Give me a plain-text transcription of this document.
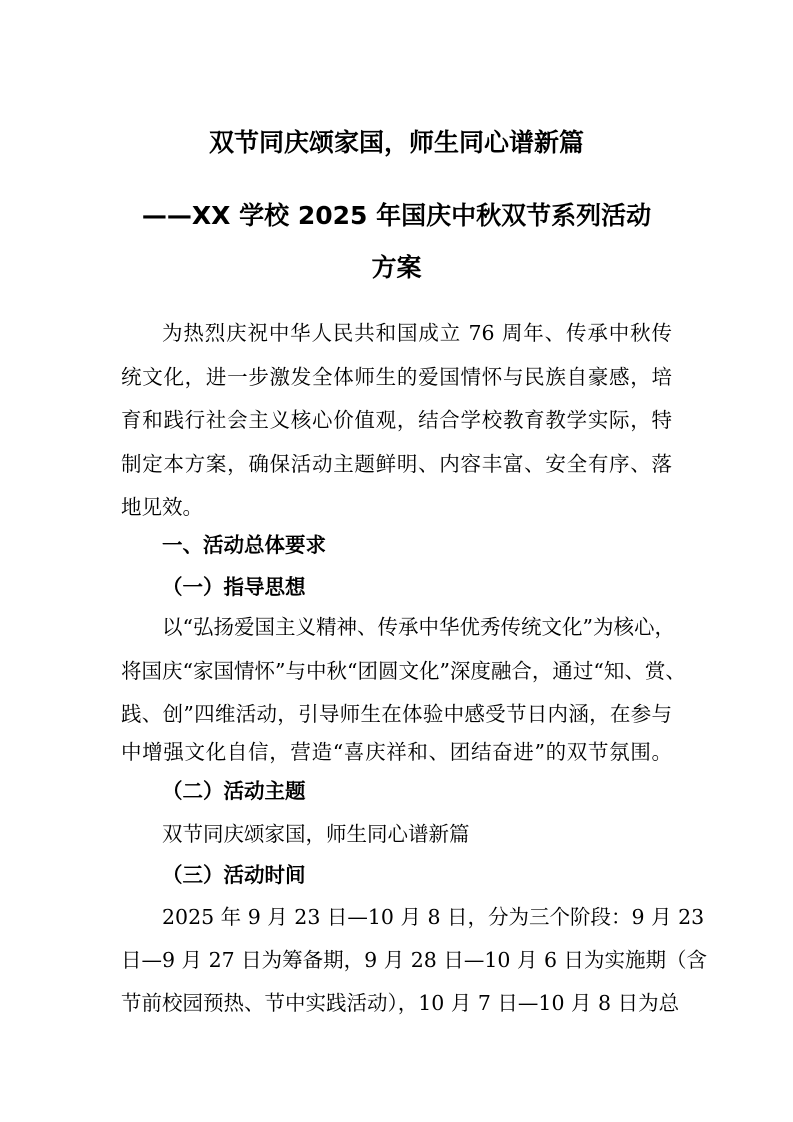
双节同庆颂家国，师生同心谱新篇
——XX 学校 2025 年国庆中秋双节系列活动
方案
为热烈庆祝中华人民共和国成立 76 周年、传承中秋传
统文化，进一步激发全体师生的爱国情怀与民族自豪感，培
育和践行社会主义核心价值观，结合学校教育教学实际，特
制定本方案，确保活动主题鲜明、内容丰富、安全有序、落
地见效。
一、活动总体要求
（一）指导思想
以“弘扬爱国主义精神、传承中华优秀传统文化”为核心，
将国庆“家国情怀”与中秋“团圆文化”深度融合，通过“知、赏、
践、创”四维活动，引导师生在体验中感受节日内涵，在参与
中增强文化自信，营造“喜庆祥和、团结奋进”的双节氛围。
（二）活动主题
双节同庆颂家国，师生同心谱新篇
（三）活动时间
2025 年 9 月 23 日—10 月 8 日，分为三个阶段：9 月 23
日—9 月 27 日为筹备期，9 月 28 日—10 月 6 日为实施期（含
节前校园预热、节中实践活动），10 月 7 日—10 月 8 日为总
